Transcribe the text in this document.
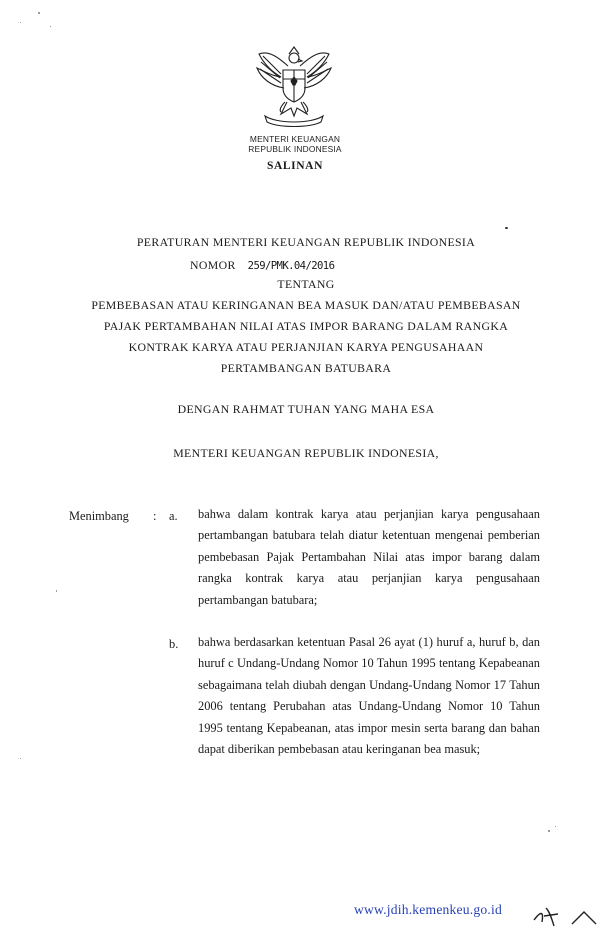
MENTERI KEUANGAN
REPUBLIK INDONESIA
SALINAN
PERATURAN MENTERI KEUANGAN REPUBLIK INDONESIA
NOMOR 259/PMK.04/2016
TENTANG
PEMBEBASAN ATAU KERINGANAN BEA MASUK DAN/ATAU PEMBEBASAN
PAJAK PERTAMBAHAN NILAI ATAS IMPOR BARANG DALAM RANGKA
KONTRAK KARYA ATAU PERJANJIAN KARYA PENGUSAHAAN
PERTAMBANGAN BATUBARA
DENGAN RAHMAT TUHAN YANG MAHA ESA
MENTERI KEUANGAN REPUBLIK INDONESIA,
Menimbang : a. bahwa dalam kontrak karya atau perjanjian karya pengusahaan pertambangan batubara telah diatur ketentuan mengenai pemberian pembebasan Pajak Pertambahan Nilai atas impor barang dalam rangka kontrak karya atau perjanjian karya pengusahaan pertambangan batubara;

b. bahwa berdasarkan ketentuan Pasal 26 ayat (1) huruf a, huruf b, dan huruf c Undang-Undang Nomor 10 Tahun 1995 tentang Kepabeanan sebagaimana telah diubah dengan Undang-Undang Nomor 17 Tahun 2006 tentang Perubahan atas Undang-Undang Nomor 10 Tahun 1995 tentang Kepabeanan, atas impor mesin serta barang dan bahan dapat diberikan pembebasan atau keringanan bea masuk;

www.jdih.kemenkeu.go.id
